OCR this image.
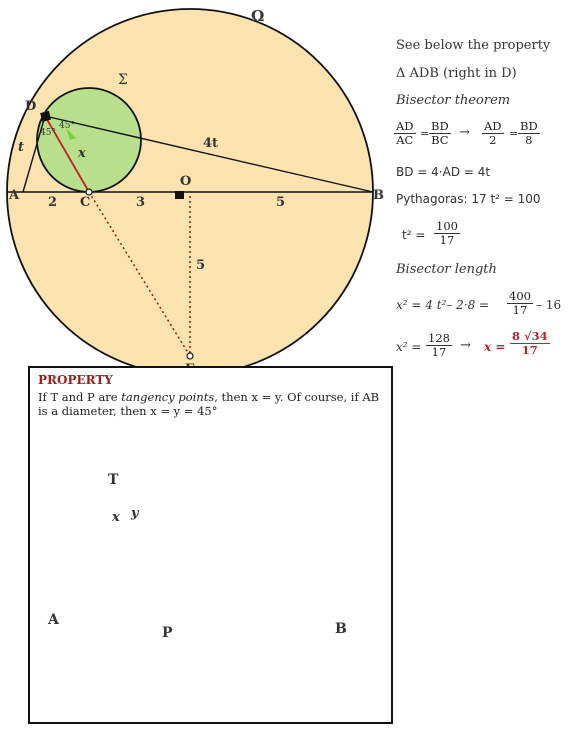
Ω
Σ
D
t
45°
45°
x
4t
A 2 C	3
O
5	B
5
See below the property
Δ ADB (right in D)
Bisector theorem
$\frac{AD}{AC} = \frac{BD}{BC} \to \frac{AD}{2} = \frac{BD}{8}$
BD = 4·AD = 4t
Pythagoras: 17 t² = 100
$t^2 = \frac{100}{17}$
Bisector length
x² = 4 t²– $2\cdot 8 = \frac{400}{17} - 16$
$x^2 = \frac{128}{17} \to x = \frac{8 √34}{17}$
PROPERTY
If T and P are tangency points, then x = y. Of course, if AB is a diameter, then x = y = 45°
T
x y
A
P	B
